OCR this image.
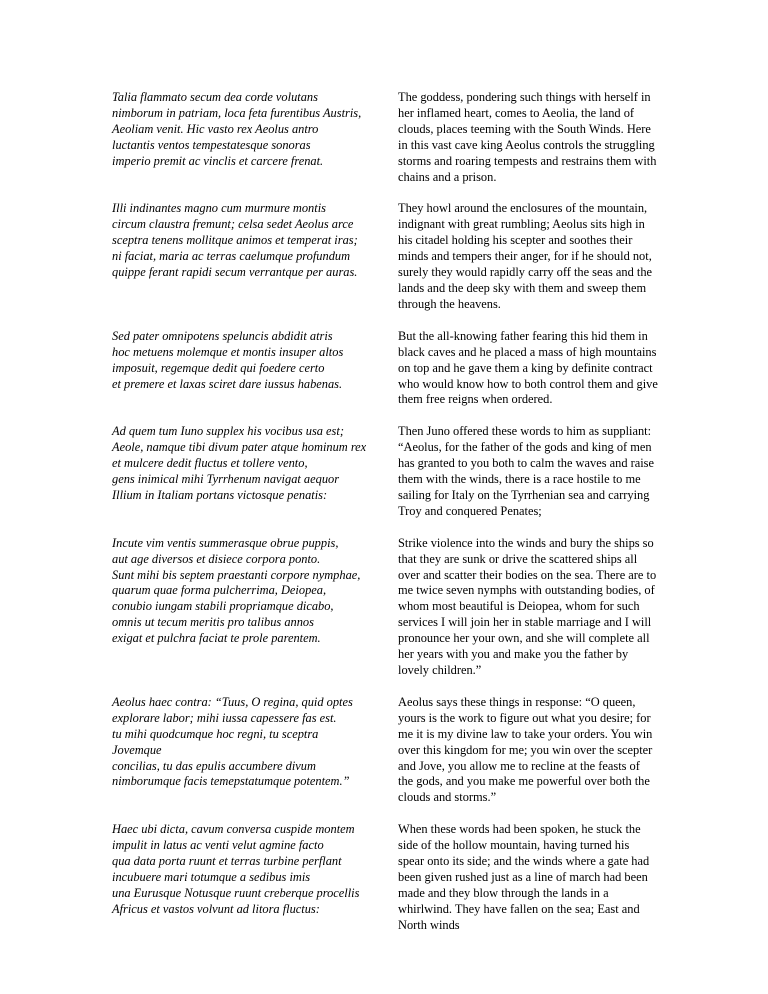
Talia flammato secum dea corde volutans
nimborum in patriam, loca feta furentibus Austris,
Aeoliam venit. Hic vasto rex Aeolus antro
luctantis ventos tempestatesque sonoras
imperio premit ac vinclis et carcere frenat.
The goddess, pondering such things with herself in her inflamed heart, comes to Aeolia, the land of clouds, places teeming with the South Winds. Here in this vast cave king Aeolus controls the struggling storms and roaring tempests and restrains them with chains and a prison.
Illi indinantes magno cum murmure montis
circum claustra fremunt; celsa sedet Aeolus arce
sceptra tenens mollitque animos et temperat iras;
ni faciat, maria ac terras caelumque profundum
quippe ferant rapidi secum verrantque per auras.
They howl around the enclosures of the mountain, indignant with great rumbling; Aeolus sits high in his citadel holding his scepter and soothes their minds and tempers their anger, for if he should not, surely they would rapidly carry off the seas and the lands and the deep sky with them and sweep them through the heavens.
Sed pater omnipotens speluncis abdidit atris
hoc metuens molemque et montis insuper altos
imposuit, regemque dedit qui foedere certo
et premere et laxas sciret dare iussus habenas.
But the all-knowing father fearing this hid them in black caves and he placed a mass of high mountains on top and he gave them a king by definite contract who would know how to both control them and give them free reigns when ordered.
Ad quem tum Iuno supplex his vocibus usa est;
Aeole, namque tibi divum pater atque hominum rex
et mulcere dedit fluctus et tollere vento,
gens inimical mihi Tyrrhenum navigat aequor
Illium in Italiam portans victosque penatis:
Then Juno offered these words to him as suppliant: “Aeolus, for the father of the gods and king of men has granted to you both to calm the waves and raise them with the winds, there is a race hostile to me sailing for Italy on the Tyrrhenian sea and carrying Troy and conquered Penates;
Incute vim ventis summerasque obrue puppis,
aut age diversos et disiece corpora ponto.
Sunt mihi bis septem praestanti corpore nymphae,
quarum quae forma pulcherrima, Deiopea,
conubio iungam stabili propriamque dicabo,
omnis ut tecum meritis pro talibus annos
exigat et pulchra faciat te prole parentem.
Strike violence into the winds and bury the ships so that they are sunk or drive the scattered ships all over and scatter their bodies on the sea. There are to me twice seven nymphs with outstanding bodies, of whom most beautiful is Deiopea, whom for such services I will join her in stable marriage and I will pronounce her your own, and she will complete all her years with you and make you the father by lovely children.”
Aeolus haec contra: “Tuus, O regina, quid optes
explorare labor; mihi iussa capessere fas est.
tu mihi quodcumque hoc regni, tu sceptra
Jovemque
concilias, tu das epulis accumbere divum
nimborumque facis temepstatumque potentem.”
Aeolus says these things in response: “O queen, yours is the work to figure out what you desire; for me it is my divine law to take your orders. You win over this kingdom for me; you win over the scepter and Jove, you allow me to recline at the feasts of the gods, and you make me powerful over both the clouds and storms.”
Haec ubi dicta, cavum conversa cuspide montem
impulit in latus ac venti velut agmine facto
qua data porta ruunt et terras turbine perflant
incubuere mari totumque a sedibus imis
una Eurusque Notusque ruunt creberque procellis
Africus et vastos volvunt ad litora fluctus:
When these words had been spoken, he stuck the side of the hollow mountain, having turned his spear onto its side; and the winds where a gate had been given rushed just as a line of march had been made and they blow through the lands in a whirlwind. They have fallen on the sea; East and North winds
